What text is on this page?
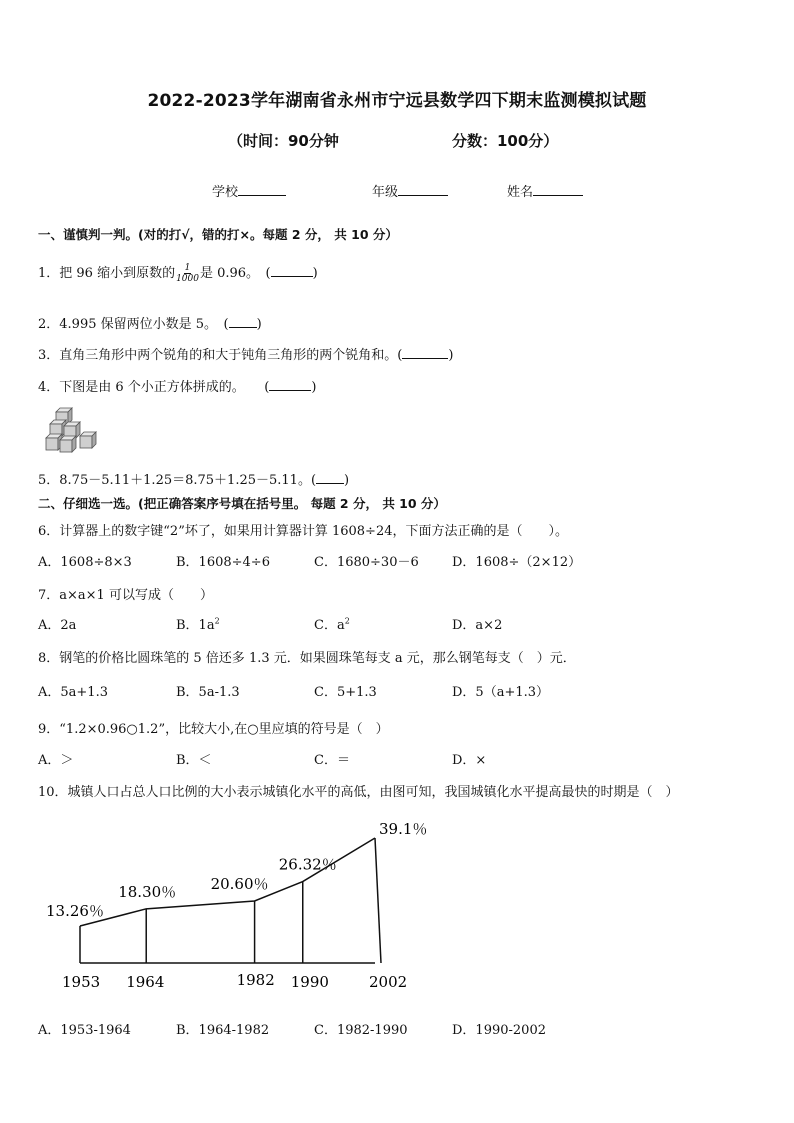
2022-2023学年湖南省永州市宁远县数学四下期末监测模拟试题
（时间：90分钟	分数：100分）
学校	年级	姓名
一、谨慎判一判。(对的打√，错的打×。每题 2 分， 共 10 分）
1．把 96 缩小到原数的 $\frac{1}{1000}$ 是 0.96。　(	)
2．4.995 保留两位小数是 5。　( )
3．直角三角形中两个锐角的和大于钝角三角形的两个锐角和。(	)
4．下图是由 6 个小正方体拼成的。　　(	)
5．8.75－5.11＋1.25＝8.75＋1.25－5.11。( )
二、仔细选一选。(把正确答案序号填在括号里。 每题 2 分， 共 10 分）
6．计算器上的数字键“2”坏了，如果用计算器计算 1608÷24，下面方法正确的是（　　）。
A．1608÷8×3	B．1608÷4÷6	C．1680÷30－6	D．1608÷（2×12）
7．a×a×1 可以写成（　　）
A．2a	B．$1a^2$	C．$a^2$	D．a×2
8．钢笔的价格比圆珠笔的 5 倍还多 1.3 元．如果圆珠笔每支 a 元，那么钢笔每支（　）元．
A．5a+1.3	B．5a-1.3	C．5+1.3	D．5（a+1.3）
9．“1.2×0.96○1.2”，比较大小,在○里应填的符号是（　）
A．＞	B．＜	C．＝	D．×
10．城镇人口占总人口比例的大小表示城镇化水平的高低，由图可知，我国城镇化水平提高最快的时期是（　）
13.26％
18.30％ 20.60％
26.32％
39.1％
1953 1964	1982 1990	2002
A．1953-1964	B．1964-1982	C．1982-1990	D．1990-2002
